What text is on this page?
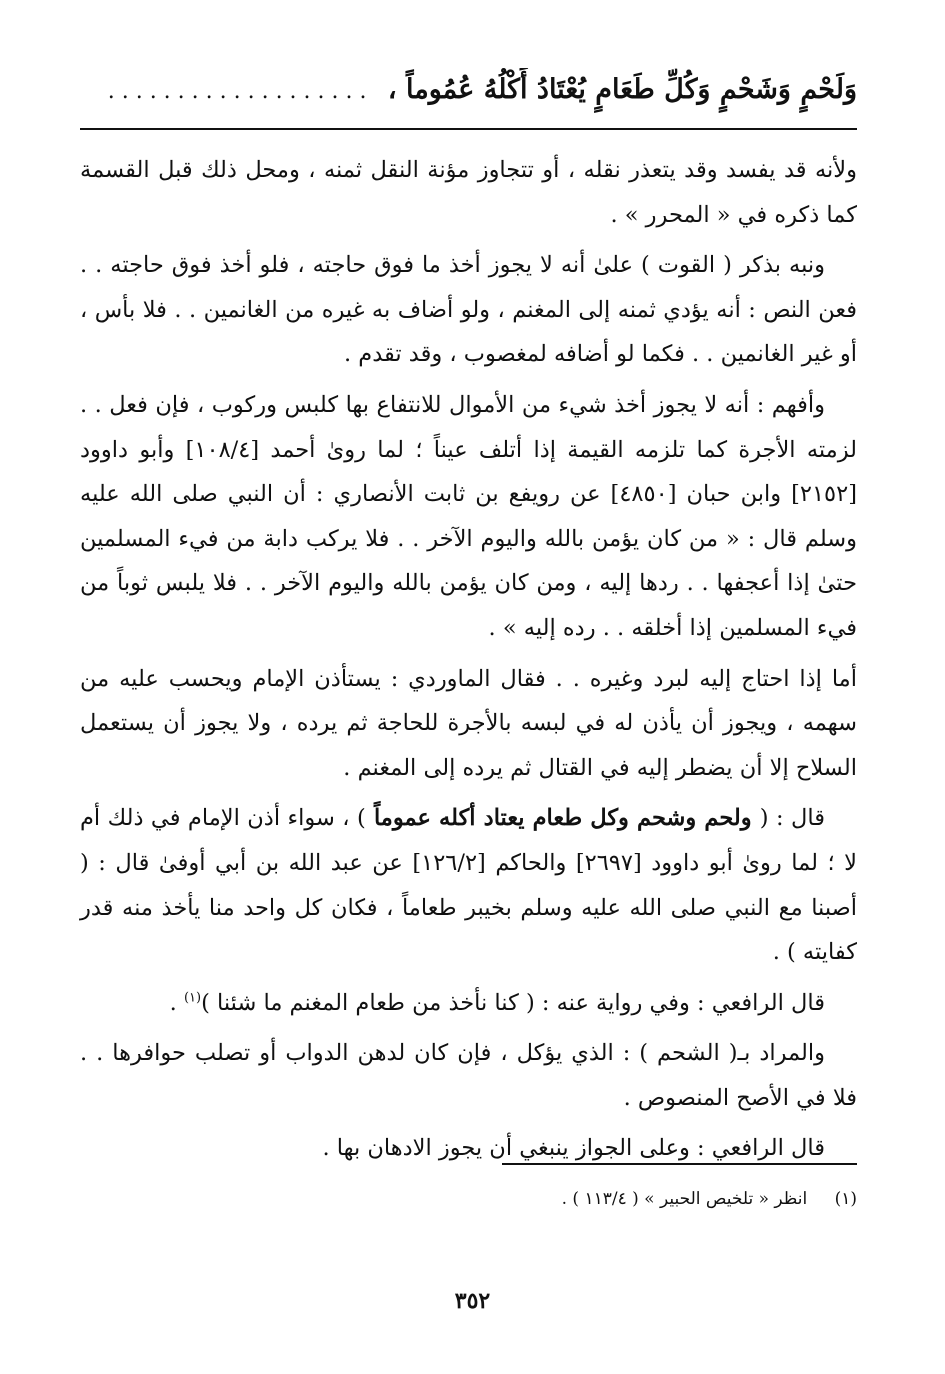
وَلَحْمٍ وَشَحْمٍ وَكُلِّ طَعَامٍ يُعْتَادُ أَكْلُهُ عُمُوماً ، . . . . . . . . . . . . . . . . . . .

ولأنه قد يفسد وقد يتعذر نقله ، أو تتجاوز مؤنة النقل ثمنه ، ومحل ذلك قبل القسمة كما ذكره في « المحرر » .

ونبه بذكر ( القوت ) علىٰ أنه لا يجوز أخذ ما فوق حاجته ، فلو أخذ فوق حاجته . . فعن النص : أنه يؤدي ثمنه إلى المغنم ، ولو أضاف به غيره من الغانمين . . فلا بأس ، أو غير الغانمين . . فكما لو أضافه لمغصوب ، وقد تقدم .

وأفهم : أنه لا يجوز أخذ شيء من الأموال للانتفاع بها كلبس وركوب ، فإن فعل . . لزمته الأجرة كما تلزمه القيمة إذا أتلف عيناً ؛ لما روىٰ أحمد [١٠٨/٤] وأبو داوود [٢١٥٢] وابن حبان [٤٨٥٠] عن رويفع بن ثابت الأنصاري : أن النبي صلى الله عليه وسلم قال : « من كان يؤمن بالله واليوم الآخر . . فلا يركب دابة من فيء المسلمين حتىٰ إذا أعجفها . . ردها إليه ، ومن كان يؤمن بالله واليوم الآخر . . فلا يلبس ثوباً من فيء المسلمين إذا أخلقه . . رده إليه » .

أما إذا احتاج إليه لبرد وغيره . . فقال الماوردي : يستأذن الإمام ويحسب عليه من سهمه ، ويجوز أن يأذن له في لبسه بالأجرة للحاجة ثم يرده ، ولا يجوز أن يستعمل السلاح إلا أن يضطر إليه في القتال ثم يرده إلى المغنم .

قال : ( ولحم وشحم وكل طعام يعتاد أكله عموماً ) ، سواء أذن الإمام في ذلك أم لا ؛ لما روىٰ أبو داوود [٢٦٩٧] والحاكم [١٢٦/٢] عن عبد الله بن أبي أوفىٰ قال : ( أصبنا مع النبي صلى الله عليه وسلم بخيبر طعاماً ، فكان كل واحد منا يأخذ منه قدر كفايته ) .

قال الرافعي : وفي رواية عنه : ( كنا نأخذ من طعام المغنم ما شئنا )$^{(١)}$ .

والمراد بـ( الشحم ) : الذي يؤكل ، فإن كان لدهن الدواب أو تصلب حوافرها . . فلا في الأصح المنصوص .

قال الرافعي : وعلى الجواز ينبغي أن يجوز الادهان بها .

(١) انظر « تلخيص الحبير » ( ١١٣/٤ ) .
٣٥٢
